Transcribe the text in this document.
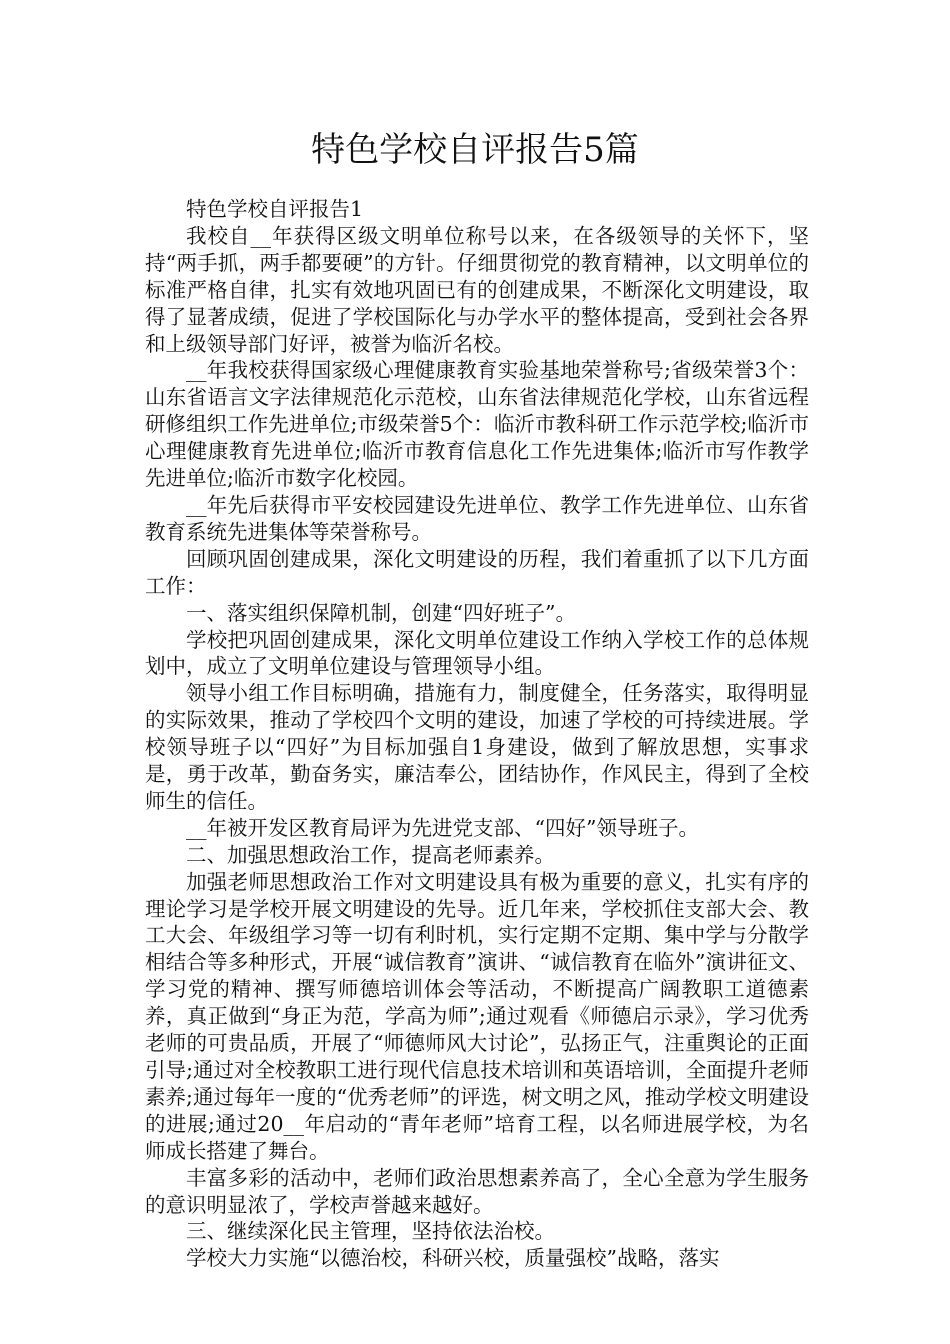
特色学校自评报告5篇

特色学校自评报告1

我校自__年获得区级文明单位称号以来，在各级领导的关怀下，坚持“两手抓，两手都要硬”的方针。仔细贯彻党的教育精神，以文明单位的标准严格自律，扎实有效地巩固已有的创建成果，不断深化文明建设，取得了显著成绩，促进了学校国际化与办学水平的整体提高，受到社会各界和上级领导部门好评，被誉为临沂名校。

__年我校获得国家级心理健康教育实验基地荣誉称号;省级荣誉3个：山东省语言文字法律规范化示范校，山东省法律规范化学校，山东省远程研修组织工作先进单位;市级荣誉5个：临沂市教科研工作示范学校;临沂市心理健康教育先进单位;临沂市教育信息化工作先进集体;临沂市写作教学先进单位;临沂市数字化校园。

__年先后获得市平安校园建设先进单位、教学工作先进单位、山东省教育系统先进集体等荣誉称号。

回顾巩固创建成果，深化文明建设的历程，我们着重抓了以下几方面工作：

一、落实组织保障机制，创建“四好班子”。

学校把巩固创建成果，深化文明单位建设工作纳入学校工作的总体规划中，成立了文明单位建设与管理领导小组。

领导小组工作目标明确，措施有力，制度健全，任务落实，取得明显的实际效果，推动了学校四个文明的建设，加速了学校的可持续进展。学校领导班子以“四好”为目标加强自1身建设，做到了解放思想，实事求是，勇于改革，勤奋务实，廉洁奉公，团结协作，作风民主，得到了全校师生的信任。

__年被开发区教育局评为先进党支部、“四好”领导班子。

二、加强思想政治工作，提高老师素养。

加强老师思想政治工作对文明建设具有极为重要的意义，扎实有序的理论学习是学校开展文明建设的先导。近几年来，学校抓住支部大会、教工大会、年级组学习等一切有利时机，实行定期不定期、集中学与分散学相结合等多种形式，开展“诚信教育”演讲、“诚信教育在临外”演讲征文、学习党的精神、撰写师德培训体会等活动，不断提高广阔教职工道德素养，真正做到“身正为范，学高为师”;通过观看《师德启示录》，学习优秀老师的可贵品质，开展了“师德师风大讨论”，弘扬正气，注重舆论的正面引导;通过对全校教职工进行现代信息技术培训和英语培训，全面提升老师素养;通过每年一度的“优秀老师”的评选，树文明之风，推动学校文明建设的进展;通过20__年启动的“青年老师”培育工程，以名师进展学校，为名师成长搭建了舞台。

丰富多彩的活动中，老师们政治思想素养高了，全心全意为学生服务的意识明显浓了，学校声誉越来越好。

三、继续深化民主管理，坚持依法治校。

学校大力实施“以德治校，科研兴校，质量强校”战略，落实
